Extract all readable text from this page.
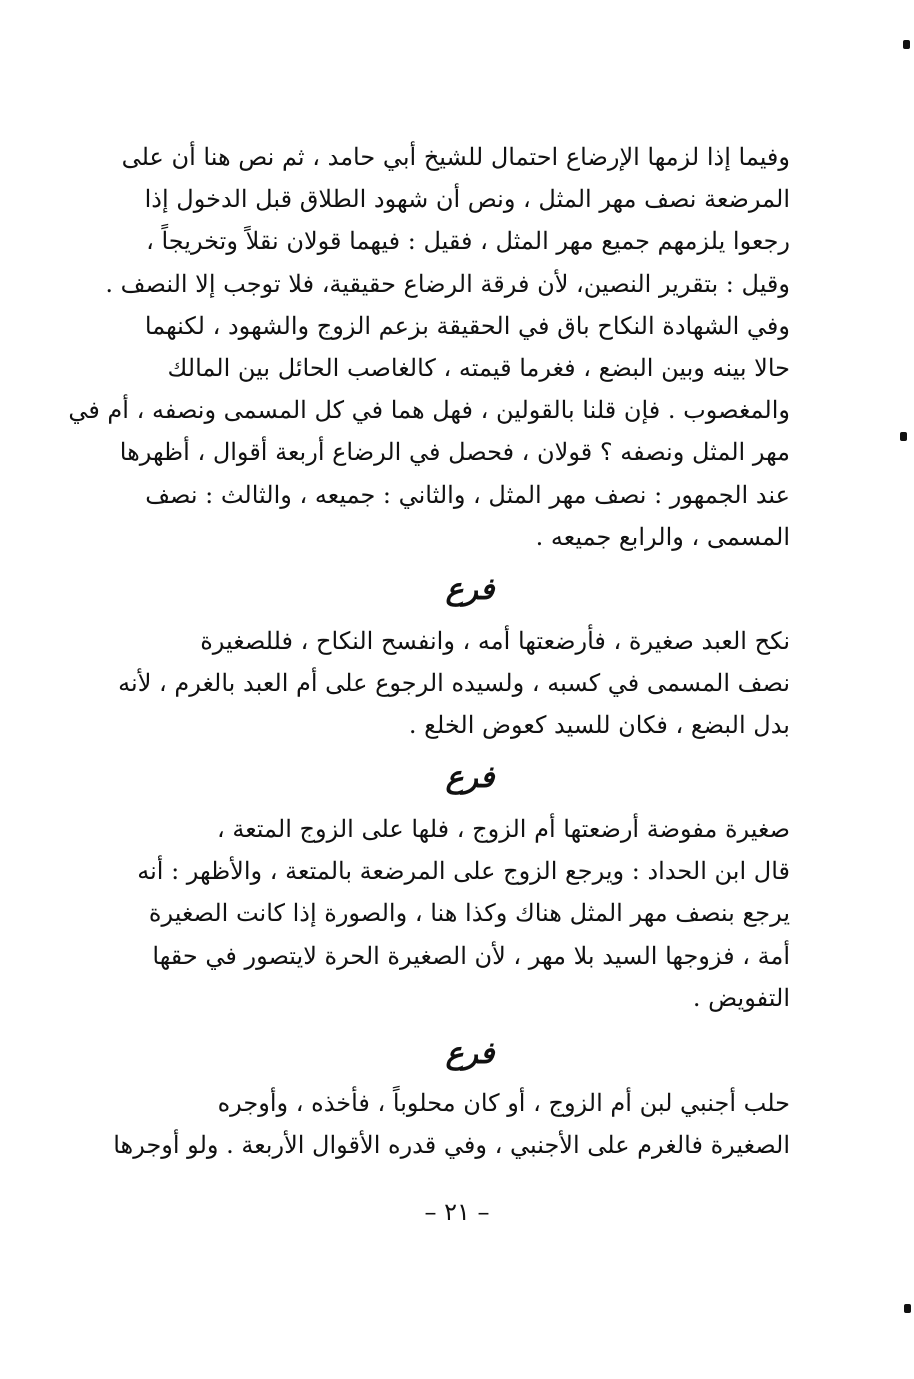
وفيما إذا لزمها الإرضاع احتمال للشيخ أبي حامد ، ثم نص هنا أن على
المرضعة نصف مهر المثل ، ونص أن شهود الطلاق قبل الدخول إذا
رجعوا يلزمهم جميع مهر المثل ، فقيل : فيهما قولان نقلاً وتخريجاً ،
وقيل : بتقرير النصين، لأن فرقة الرضاع حقيقية، فلا توجب إلا النصف .
وفي الشهادة النكاح باق في الحقيقة بزعم الزوج والشهود ، لكنهما
حالا بينه وبين البضع ، فغرما قيمته ، كالغاصب الحائل بين المالك
والمغصوب . فإن قلنا بالقولين ، فهل هما في كل المسمى ونصفه ، أم في
مهر المثل ونصفه ؟ قولان ، فحصل في الرضاع أربعة أقوال ، أظهرها
عند الجمهور : نصف مهر المثل ، والثاني : جميعه ، والثالث : نصف
المسمى ، والرابع جميعه .
فرع
نكح العبد صغيرة ، فأرضعتها أمه ، وانفسح النكاح ، فللصغيرة
نصف المسمى في كسبه ، ولسيده الرجوع على أم العبد بالغرم ، لأنه
بدل البضع ، فكان للسيد كعوض الخلع .
فرع
صغيرة مفوضة أرضعتها أم الزوج ، فلها على الزوج المتعة ،
قال ابن الحداد : ويرجع الزوج على المرضعة بالمتعة ، والأظهر : أنه
يرجع بنصف مهر المثل هناك وكذا هنا ، والصورة إذا كانت الصغيرة
أمة ، فزوجها السيد بلا مهر ، لأن الصغيرة الحرة لايتصور في حقها
التفويض .
فرع
حلب أجنبي لبن أم الزوج ، أو كان محلوباً ، فأخذه ، وأوجره
الصغيرة فالغرم على الأجنبي ، وفي قدره الأقوال الأربعة . ولو أوجرها
– ٢١ –
